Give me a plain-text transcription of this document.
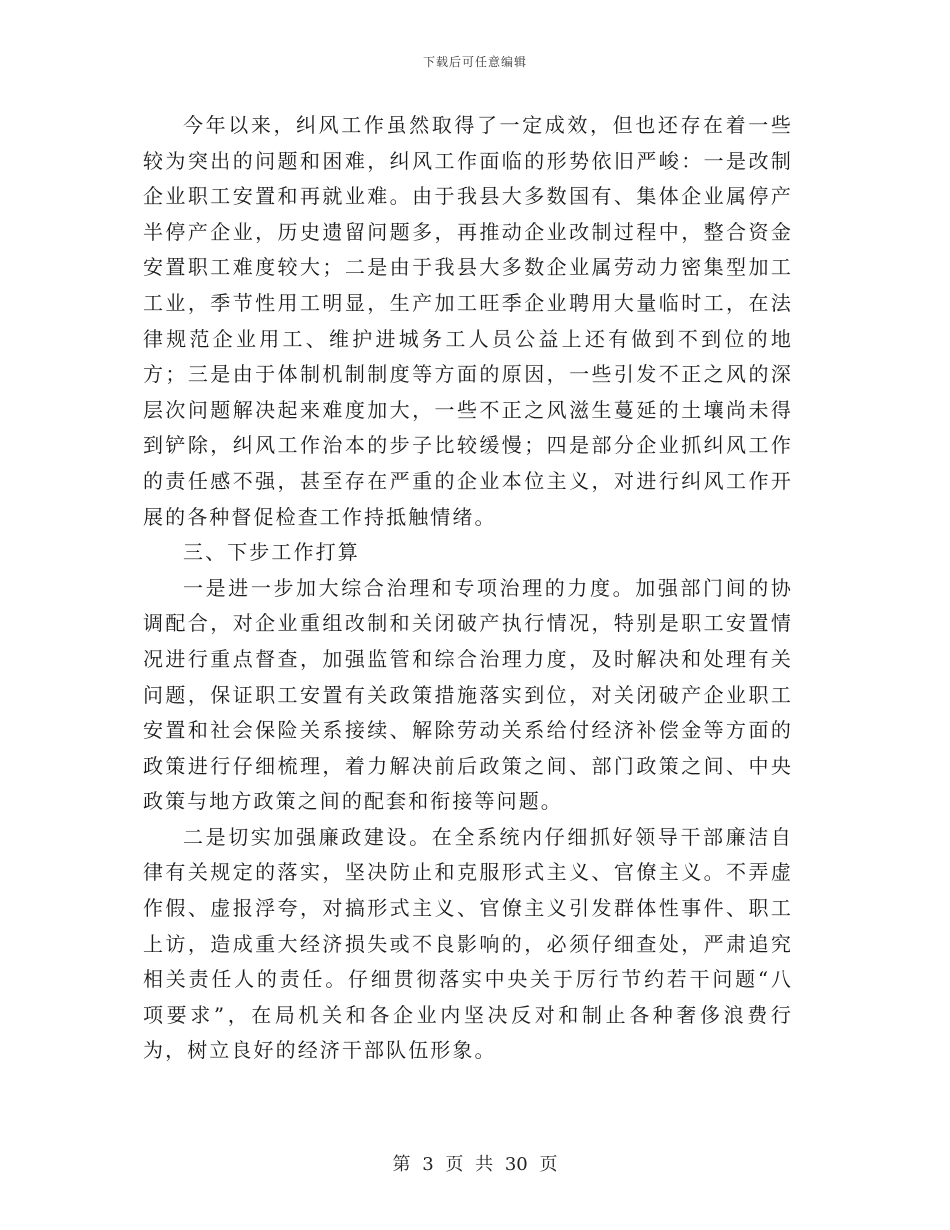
下载后可任意编辑

今年以来，纠风工作虽然取得了一定成效，但也还存在着一些较为突出的问题和困难，纠风工作面临的形势依旧严峻：一是改制企业职工安置和再就业难。由于我县大多数国有、集体企业属停产半停产企业，历史遗留问题多，再推动企业改制过程中，整合资金安置职工难度较大；二是由于我县大多数企业属劳动力密集型加工工业，季节性用工明显，生产加工旺季企业聘用大量临时工，在法律规范企业用工、维护进城务工人员公益上还有做到不到位的地方；三是由于体制机制制度等方面的原因，一些引发不正之风的深层次问题解决起来难度加大，一些不正之风滋生蔓延的土壤尚未得到铲除，纠风工作治本的步子比较缓慢；四是部分企业抓纠风工作的责任感不强，甚至存在严重的企业本位主义，对进行纠风工作开展的各种督促检查工作持抵触情绪。

三、下步工作打算

一是进一步加大综合治理和专项治理的力度。加强部门间的协调配合，对企业重组改制和关闭破产执行情况，特别是职工安置情况进行重点督查，加强监管和综合治理力度，及时解决和处理有关问题，保证职工安置有关政策措施落实到位，对关闭破产企业职工安置和社会保险关系接续、解除劳动关系给付经济补偿金等方面的政策进行仔细梳理，着力解决前后政策之间、部门政策之间、中央政策与地方政策之间的配套和衔接等问题。

二是切实加强廉政建设。在全系统内仔细抓好领导干部廉洁自律有关规定的落实，坚决防止和克服形式主义、官僚主义。不弄虚作假、虚报浮夸，对搞形式主义、官僚主义引发群体性事件、职工上访，造成重大经济损失或不良影响的，必须仔细查处，严肃追究相关责任人的责任。仔细贯彻落实中央关于厉行节约若干问题“八项要求”，在局机关和各企业内坚决反对和制止各种奢侈浪费行为，树立良好的经济干部队伍形象。

第 3 页 共 30 页
